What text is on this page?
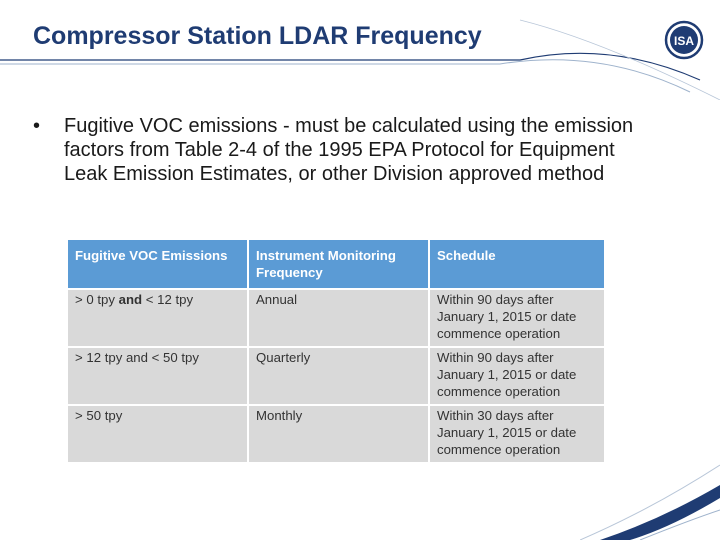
Compressor Station LDAR Frequency	ISA
• Fugitive VOC emissions - must be calculated using the emission factors from Table 2-4 of the 1995 EPA Protocol for Equipment Leak Emission Estimates, or other Division approved method
Fugitive VOC Emissions	Instrument Monitoring Frequency	Schedule
> 0 tpy and < 12 tpy	Annual	Within 90 days after January 1, 2015 or date commence operation
> 12 tpy and < 50 tpy	Quarterly	Within 90 days after January 1, 2015 or date commence operation
> 50 tpy	Monthly	Within 30 days after January 1, 2015 or date commence operation
